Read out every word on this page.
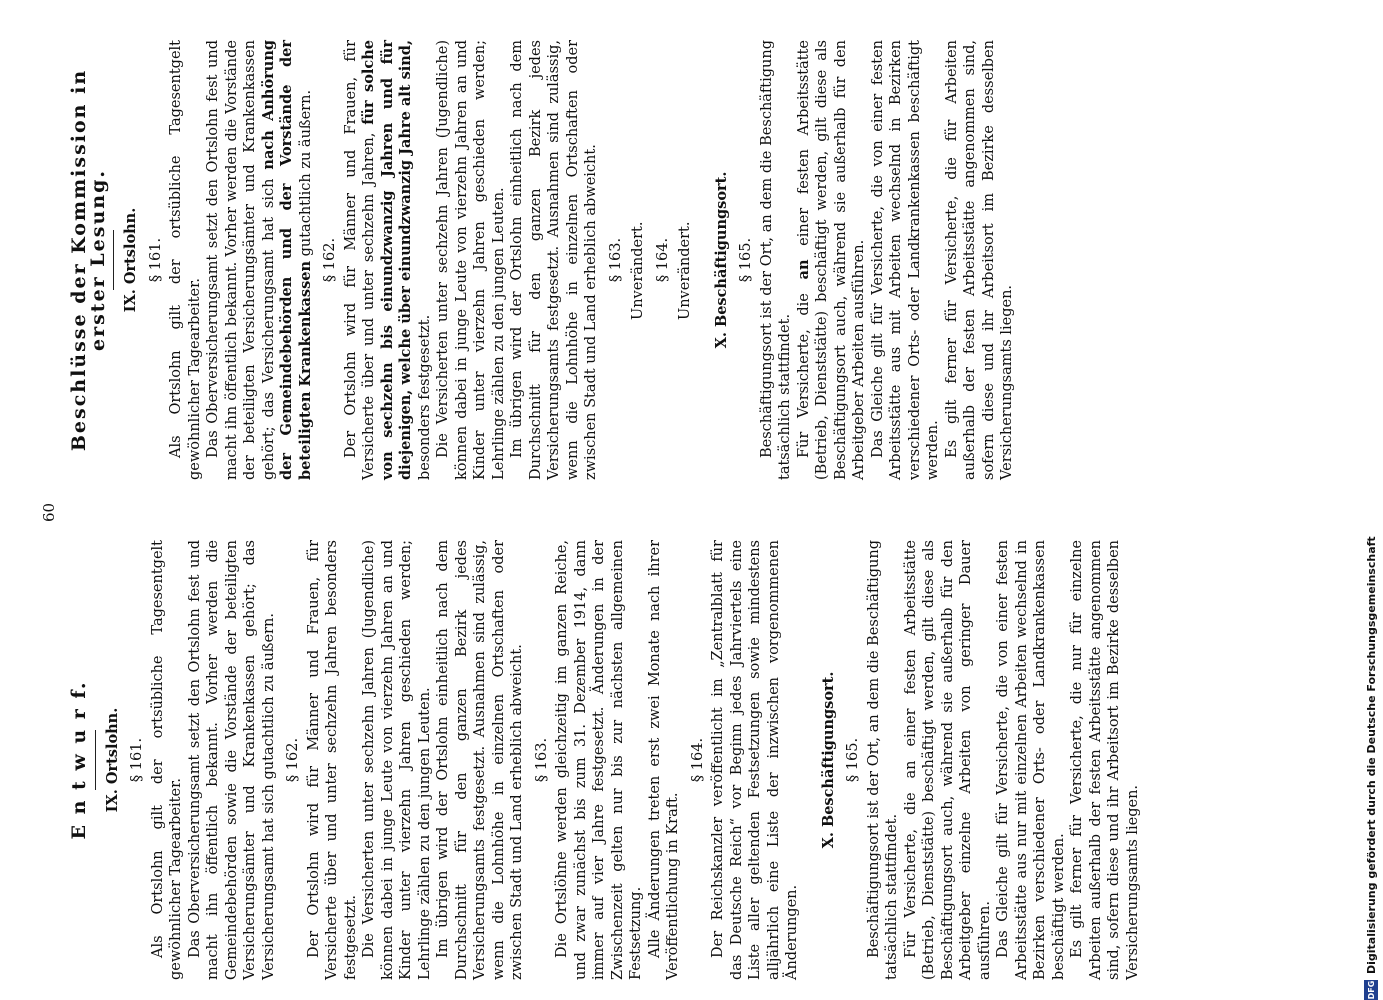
60
E n t w u r f. IX. Ortslohn. § 161. Als Ortslohn gilt der ortsübliche Tagesentgelt gewöhnlicher Tagearbeiter. Das Oberversicherungsamt setzt den Ortslohn fest und macht ihn öffentlich bekannt. Vorher werden die Gemeindebehörden sowie die Vorstände der beteiligten Versicherungsämter und Krankenkassen gehört; das Versicherungsamt hat sich gutachtlich zu äußern. § 162. Der Ortslohn wird für Männer und Frauen, für Versicherte über und unter sechzehn Jahren besonders festgesetzt. Die Versicherten unter sechzehn Jahren (Jugendliche) können dabei in junge Leute von vierzehn Jahren an und Kinder unter vierzehn Jahren geschieden werden; Lehrlinge zählen zu den jungen Leuten. Im übrigen wird der Ortslohn einheitlich nach dem Durchschnitt für den ganzen Bezirk jedes Versicherungsamts festgesetzt. Ausnahmen sind zulässig, wenn die Lohnhöhe in einzelnen Ortschaften oder zwischen Stadt und Land erheblich abweicht. § 163. Die Ortslöhne werden gleichzeitig im ganzen Reiche, und zwar zunächst bis zum 31. Dezember 1914, dann immer auf vier Jahre festgesetzt. Änderungen in der Zwischenzeit gelten nur bis zur nächsten allgemeinen Festsetzung. Alle Änderungen treten erst zwei Monate nach ihrer Veröffentlichung in Kraft.

§ 164. Der Reichskanzler veröffentlicht im „Zentralblatt für das Deutsche Reich“ vor Beginn jedes Jahrviertels eine Liste aller geltenden Festsetzungen sowie mindestens alljährlich eine Liste der inzwischen vorgenommenen Änderungen.

X. Beschäftigungsort. § 165. Beschäftigungsort ist der Ort, an dem die Beschäftigung tatsächlich stattfindet. Für Versicherte, die an einer festen Arbeitsstätte (Betrieb, Dienststätte) beschäftigt werden, gilt diese als Beschäftigungsort auch, während sie außerhalb für den Arbeitgeber einzelne Arbeiten von geringer Dauer ausführen. Das Gleiche gilt für Versicherte, die von einer festen Arbeitsstätte aus nur mit einzelnen Arbeiten wechselnd in Bezirken verschiedener Orts- oder Landkrankenkassen beschäftigt werden. Es gilt ferner für Versicherte, die nur für einzelne Arbeiten außerhalb der festen Arbeitsstätte angenommen sind, sofern diese und ihr Arbeitsort im Bezirke desselben Versicherungsamts liegen.

Beschlüsse der Kommission in erster Lesung. IX. Ortslohn. § 161. Als Ortslohn gilt der ortsübliche Tagesentgelt gewöhnlicher Tagearbeiter. Das Oberversicherungsamt setzt den Ortslohn fest und macht ihn öffentlich bekannt. Vorher werden die Vorstände der beteiligten Versicherungsämter und Krankenkassen gehört; das Versicherungsamt hat sich nach Anhörung der Gemeindebehörden und der Vorstände der beteiligten Krankenkassen gutachtlich zu äußern. § 162. Der Ortslohn wird für Männer und Frauen, für Versicherte über und unter sechzehn Jahren, für solche von sechzehn bis einundzwanzig Jahren und für diejenigen, welche über einundzwanzig Jahre alt sind, besonders festgesetzt. Die Versicherten unter sechzehn Jahren (Jugendliche) können dabei in junge Leute von vierzehn Jahren an und Kinder unter vierzehn Jahren geschieden werden; Lehrlinge zählen zu den jungen Leuten. Im übrigen wird der Ortslohn einheitlich nach dem Durchschnitt für den ganzen Bezirk jedes Versicherungsamts festgesetzt. Ausnahmen sind zulässig, wenn die Lohnhöhe in einzelnen Ortschaften oder zwischen Stadt und Land erheblich abweicht. § 163. Unverändert. § 164. Unverändert. X. Beschäftigungsort. § 165. Beschäftigungsort ist der Ort, an dem die Beschäftigung tatsächlich stattfindet. Für Versicherte, die an einer festen Arbeitsstätte (Betrieb, Dienststätte) beschäftigt werden, gilt diese als Beschäftigungsort auch, während sie außerhalb für den Arbeitgeber Arbeiten ausführen. Das Gleiche gilt für Versicherte, die von einer festen Arbeitsstätte aus mit Arbeiten wechselnd in Bezirken verschiedener Orts- oder Landkrankenkassen beschäftigt werden. Es gilt ferner für Versicherte, die für Arbeiten außerhalb der festen Arbeitsstätte angenommen sind, sofern diese und ihr Arbeitsort im Bezirke desselben Versicherungsamts liegen.

DFG
Digitalisierung gefördert durch die Deutsche Forschungsgemeinschaft
